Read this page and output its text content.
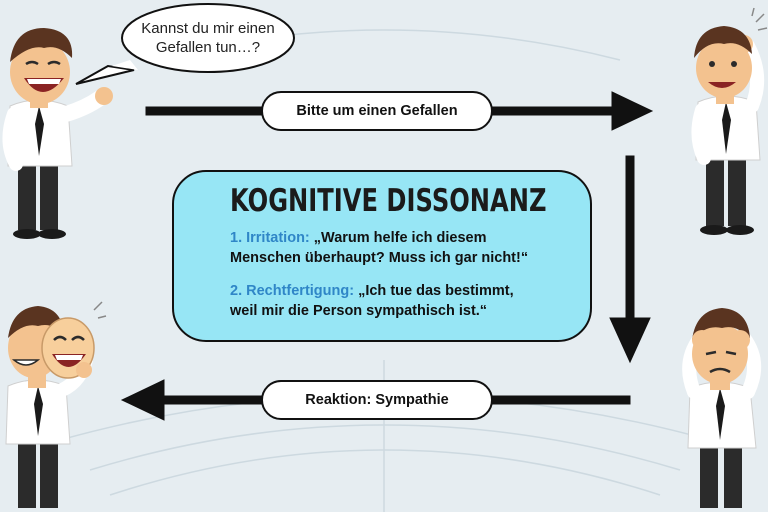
Kannst du mir einen
Gefallen tun…?
Bitte um einen Gefallen
Reaktion: Sympathie
KOGNITIVE DISSONANZ
1. Irritation: „Warum helfe ich diesem
Menschen überhaupt? Muss ich gar nicht!“
2. Rechtfertigung: „Ich tue das bestimmt,
weil mir die Person sympathisch ist.“
